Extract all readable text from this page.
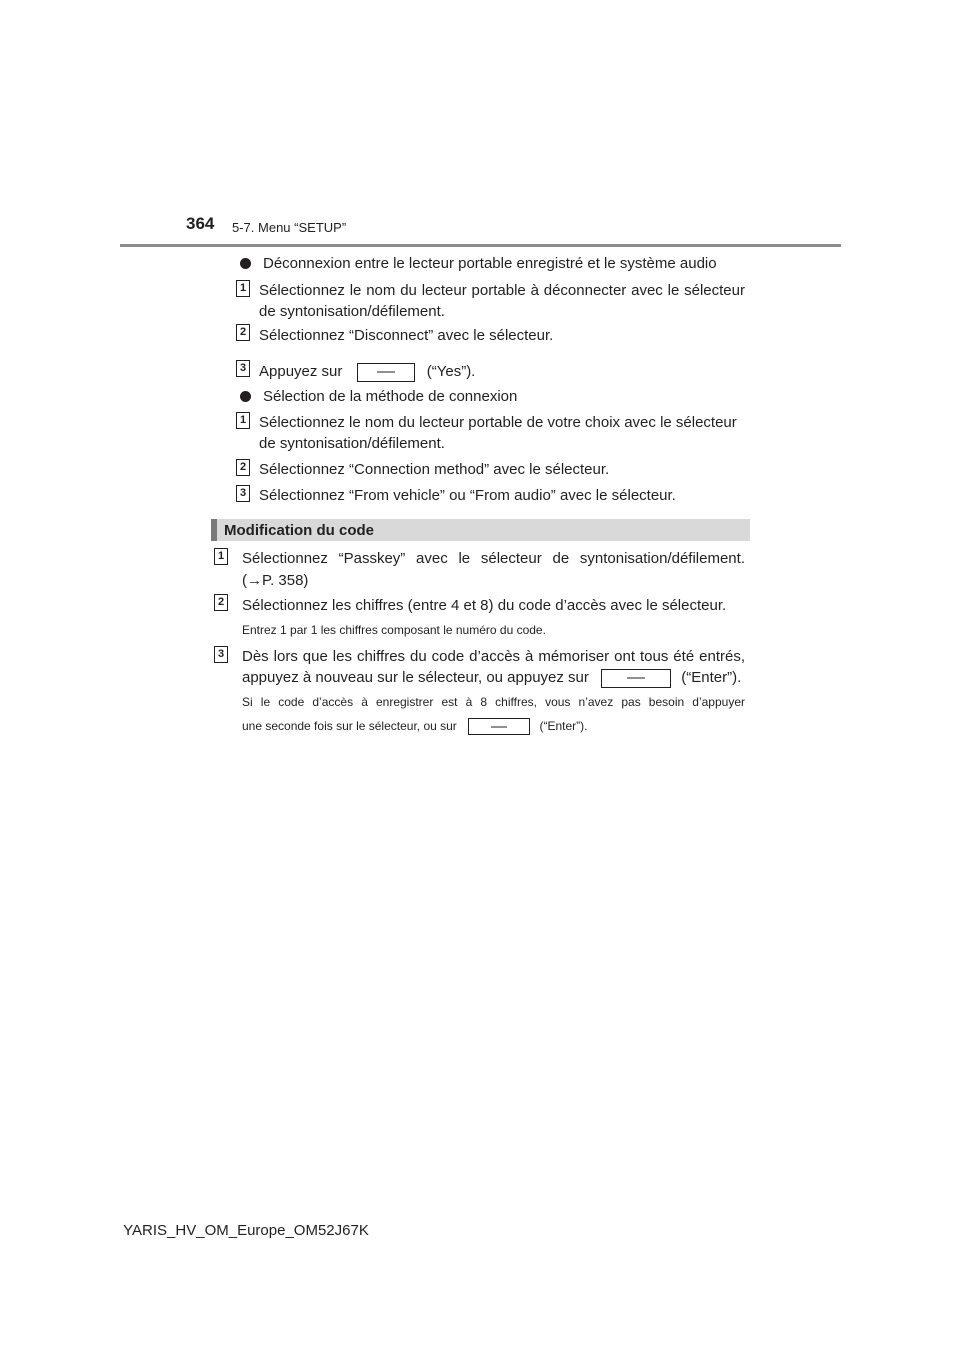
364 5-7. Menu “SETUP”
Déconnexion entre le lecteur portable enregistré et le système audio
1 Sélectionnez le nom du lecteur portable à déconnecter avec le sélecteur de syntonisation/défilement.
2 Sélectionnez “Disconnect” avec le sélecteur.
3 Appuyez sur	(“Yes”).
Sélection de la méthode de connexion
1 Sélectionnez le nom du lecteur portable de votre choix avec le sélecteur de syntonisation/défilement.
2 Sélectionnez “Connection method” avec le sélecteur.
3 Sélectionnez “From vehicle” ou “From audio” avec le sélecteur.
Modification du code
1 Sélectionnez “Passkey” avec le sélecteur de syntonisation/défilement.
(→P. 358)
2 Sélectionnez les chiffres (entre 4 et 8) du code d’accès avec le sélecteur.
Entrez 1 par 1 les chiffres composant le numéro du code.
3 Dès lors que les chiffres du code d’accès à mémoriser ont tous été entrés,
appuyez à nouveau sur le sélecteur, ou appuyez sur	(“Enter”).
Si le code d’accès à enregistrer est à 8 chiffres, vous n’avez pas besoin d’appuyer
une seconde fois sur le sélecteur, ou sur	(“Enter”).
YARIS_HV_OM_Europe_OM52J67K
